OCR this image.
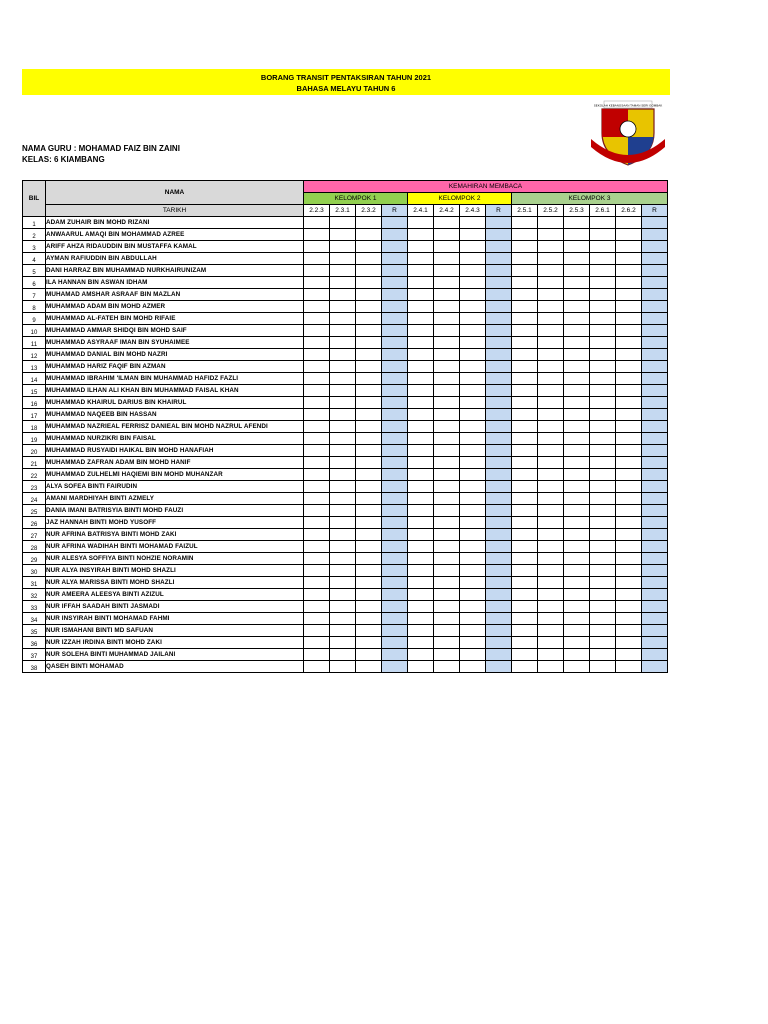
BORANG TRANSIT PENTAKSIRAN TAHUN 2021
BAHASA MELAYU TAHUN 6
SEKOLAH KEBANGSAAN TAMAN SERI GOMBAK
NAMA GURU : MOHAMAD FAIZ BIN ZAINI
KELAS: 6 KIAMBANG
BIL	NAMA	KEMAHIRAN MEMBACA													
		KELOMPOK 1				KELOMPOK 2				KELOMPOK 3					
	TARIKH	2.2.3	2.3.1	2.3.2	R	2.4.1	2.4.2	2.4.3	R	2.5.1	2.5.2	2.5.3	2.6.1	2.6.2	R
1	ADAM ZUHAIR BIN MOHD RIZANI														
2	ANWAARUL AMAQI BIN MOHAMMAD AZREE														
3	ARIFF AHZA RIDAUDDIN BIN MUSTAFFA KAMAL														
4	AYMAN RAFIUDDIN BIN ABDULLAH														
5	DANI HARRAZ BIN MUHAMMAD NURKHAIRUNIZAM														
6	ILA HANNAN BIN ASWAN IDHAM														
7	MUHAMAD AMSHAR ASRAAF BIN MAZLAN														
8	MUHAMMAD ADAM BIN MOHD AZMER														
9	MUHAMMAD AL-FATEH BIN MOHD RIFAIE														
10	MUHAMMAD AMMAR SHIDQI BIN MOHD SAIF														
11	MUHAMMAD ASYRAAF IMAN BIN SYUHAIMEE														
12	MUHAMMAD DANIAL BIN MOHD NAZRI														
13	MUHAMMAD HARIZ FAQIF BIN AZMAN														
14	MUHAMMAD IBRAHIM 'ILMAN BIN MUHAMMAD HAFIDZ FAZLI														
15	MUHAMMAD ILHAN ALI KHAN BIN MUHAMMAD FAISAL KHAN														
16	MUHAMMAD KHAIRUL DARIUS BIN KHAIRUL														
17	MUHAMMAD NAQEEB BIN HASSAN														
18	MUHAMMAD NAZRIEAL FERRISZ DANIEAL BIN MOHD NAZRUL AFENDI														
19	MUHAMMAD NURZIKRI BIN FAISAL														
20	MUHAMMAD RUSYAIDI HAIKAL BIN MOHD HANAFIAH														
21	MUHAMMAD ZAFRAN ADAM BIN MOHD HANIF														
22	MUHAMMAD ZULHELMI HAQIEMI BIN MOHD MUHANZAR														
23	ALYA SOFEA BINTI FAIRUDIN														
24	AMANI MARDHIYAH BINTI AZMELY														
25	DANIA IMANI BATRISYIA BINTI MOHD FAUZI														
26	JAZ HANNAH BINTI MOHD YUSOFF														
27	NUR AFRINA BATRISYA BINTI MOHD ZAKI														
28	NUR AFRINA WADIHAH BINTI MOHAMAD FAIZUL														
29	NUR ALESYA SOFFIYA BINTI NOHZIE NORAMIN														
30	NUR ALYA INSYIRAH BINTI MOHD SHAZLI														
31	NUR ALYA MARISSA BINTI MOHD SHAZLI														
32	NUR AMEERA ALEESYA BINTI AZIZUL														
33	NUR IFFAH SAADAH BINTI JASMADI														
34	NUR INSYIRAH BINTI MOHAMAD FAHMI														
35	NUR ISMAHANI BINTI MD SAFUAN														
36	NUR IZZAH IRDINA BINTI MOHD ZAKI														
37	NUR SOLEHA BINTI MUHAMMAD JAILANI														
38	QASEH BINTI MOHAMAD														
